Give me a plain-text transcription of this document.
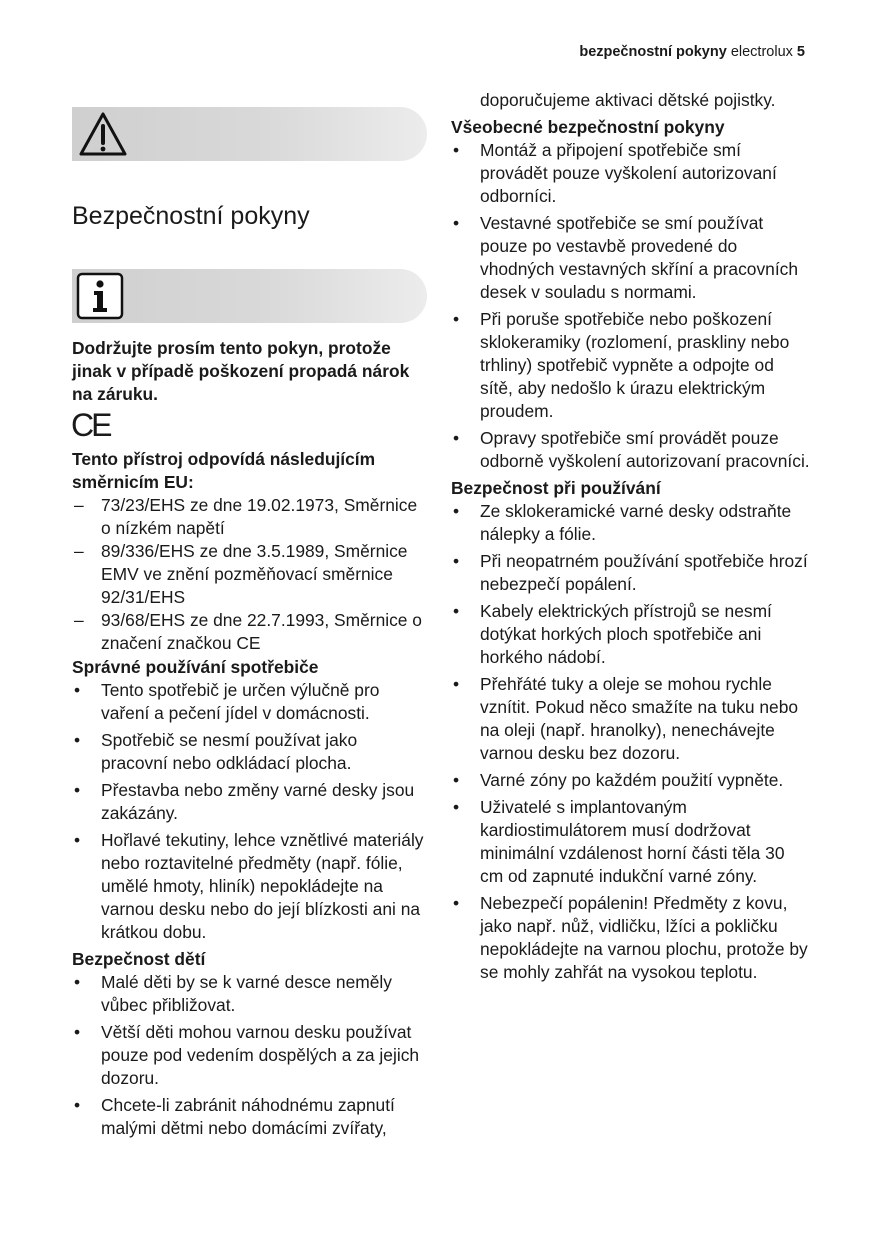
bezpečnostní pokyny electrolux 5
Bezpečnostní pokyny

Dodržujte prosím tento pokyn, protože jinak v případě poškození propadá nárok na záruku.

CE

Tento přístroj odpovídá následujícím směrnicím EU:

– 73/23/EHS ze dne 19.02.1973, Směrnice o nízkém napětí
– 89/336/EHS ze dne 3.5.1989, Směrnice EMV ve znění pozměňovací směrnice 92/31/EHS
– 93/68/EHS ze dne 22.7.1993, Směrnice o značení značkou CE

Správné používání spotřebiče

•	Tento spotřebič je určen výlučně pro vaření a pečení jídel v domácnosti.
•	Spotřebič se nesmí používat jako pracovní nebo odkládací plocha.
•	Přestavba nebo změny varné desky jsou zakázány.
•	Hořlavé tekutiny, lehce vznětlivé materiály nebo roztavitelné předměty (např. fólie, umělé hmoty, hliník) nepokládejte na varnou desku nebo do její blízkosti ani na krátkou dobu.

Bezpečnost dětí

•	Malé děti by se k varné desce neměly vůbec přibližovat.
•	Větší děti mohou varnou desku používat pouze pod vedením dospělých a za jejich dozoru.
•	Chcete-li zabránit náhodnému zapnutí malými dětmi nebo domácími zvířaty,

doporučujeme aktivaci dětské pojistky.

Všeobecné bezpečnostní pokyny

•	Montáž a připojení spotřebiče smí provádět pouze vyškolení autorizovaní odborníci.
•	Vestavné spotřebiče se smí používat pouze po vestavbě provedené do vhodných vestavných skříní a pracovních desek v souladu s normami.
•	Při poruše spotřebiče nebo poškození sklokeramiky (rozlomení, praskliny nebo trhliny) spotřebič vypněte a odpojte od sítě, aby nedošlo k úrazu elektrickým proudem.
•	Opravy spotřebiče smí provádět pouze odborně vyškolení autorizovaní pracovníci.

Bezpečnost při používání

•	Ze sklokeramické varné desky odstraňte nálepky a fólie.
•	Při neopatrném používání spotřebiče hrozí nebezpečí popálení.
•	Kabely elektrických přístrojů se nesmí dotýkat horkých ploch spotřebiče ani horkého nádobí.
•	Přehřáté tuky a oleje se mohou rychle vznítit. Pokud něco smažíte na tuku nebo na oleji (např. hranolky), nenechávejte varnou desku bez dozoru.
•	Varné zóny po každém použití vypněte.
•	Uživatelé s implantovaným kardiostimulátorem musí dodržovat minimální vzdálenost horní části těla 30 cm od zapnuté indukční varné zóny.
•	Nebezpečí popálenin! Předměty z kovu, jako např. nůž, vidličku, lžíci a pokličku nepokládejte na varnou plochu, protože by se mohly zahřát na vysokou teplotu.
